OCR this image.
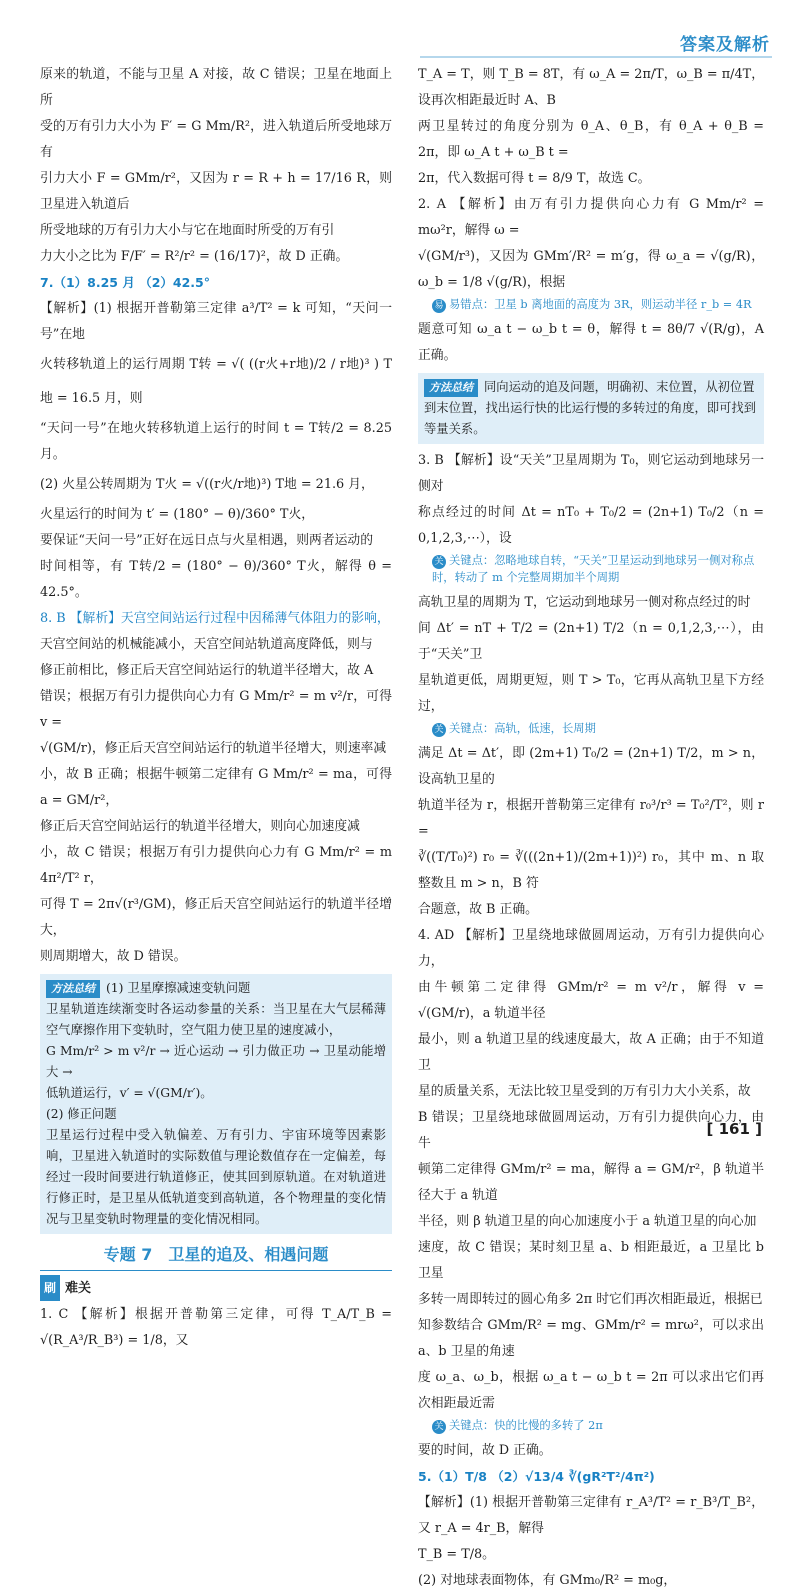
答案及解析

原来的轨道，不能与卫星 A 对接，故 C 错误；卫星在地面上所

受的万有引力大小为 F′ = G Mm/R²，进入轨道后所受地球万有

引力大小 F = GMm/r²，又因为 r = R + h = 17/16 R，则卫星进入轨道后

所受地球的万有引力大小与它在地面时所受的万有引

力大小之比为 F/F′ = R²/r² = (16/17)²，故 D 正确。

7.（1）8.25 月 （2）42.5°

【解析】(1) 根据开普勒第三定律 a³/T² = k 可知，“天问一号”在地

火转移轨道上的运行周期 T转 = √( ((r火+r地)/2 / r地)³ ) T地 = 16.5 月，则

“天问一号”在地火转移轨道上运行的时间 t = T转/2 = 8.25 月。

(2) 火星公转周期为 T火 = √((r火/r地)³) T地 = 21.6 月，

火星运行的时间为 t′ = (180° − θ)/360° T火，

要保证“天问一号”正好在远日点与火星相遇，则两者运动的

时间相等，有 T转/2 = (180° − θ)/360° T火，解得 θ = 42.5°。

8. B 【解析】天宫空间站运行过程中因稀薄气体阻力的影响，

天宫空间站的机械能减小，天宫空间站轨道高度降低，则与

修正前相比，修正后天宫空间站运行的轨道半径增大，故 A

错误；根据万有引力提供向心力有 G Mm/r² = m v²/r，可得 v =

√(GM/r)，修正后天宫空间站运行的轨道半径增大，则速率减

小，故 B 正确；根据牛顿第二定律有 G Mm/r² = ma，可得 a = GM/r²，

修正后天宫空间站运行的轨道半径增大，则向心加速度减

小，故 C 错误；根据万有引力提供向心力有 G Mm/r² = m 4π²/T² r，

可得 T = 2π√(r³/GM)，修正后天宫空间站运行的轨道半径增大，

则周期增大，故 D 错误。

方法总结 (1) 卫星摩擦减速变轨问题

卫星轨道连续渐变时各运动参量的关系：当卫星在大气层稀薄空气摩擦作用下变轨时，空气阻力使卫星的速度减小，

G Mm/r² > m v²/r → 近心运动 → 引力做正功 → 卫星动能增大 →

低轨道运行，v′ = √(GM/r′)。

(2) 修正问题

卫星运行过程中受入轨偏差、万有引力、宇宙环境等因素影响，卫星进入轨道时的实际数值与理论数值存在一定偏差，每经过一段时间要进行轨道修正，使其回到原轨道。在对轨道进行修正时，是卫星从低轨道变到高轨道，各个物理量的变化情况与卫星变轨时物理量的变化情况相同。

专题 7　卫星的追及、相遇问题
刷 难关

1. C 【解析】根据开普勒第三定律，可得 T_A/T_B = √(R_A³/R_B³) = 1/8，又

T_A = T，则 T_B = 8T，有 ω_A = 2π/T，ω_B = π/4T，设再次相距最近时 A、B

两卫星转过的角度分别为 θ_A、θ_B，有 θ_A + θ_B = 2π，即 ω_A t + ω_B t =

2π，代入数据可得 t = 8/9 T，故选 C。

2. A 【解析】由万有引力提供向心力有 G Mm/r² = mω²r，解得 ω =

√(GM/r³)，又因为 GMm′/R² = m′g，得 ω_a = √(g/R)，ω_b = 1/8 √(g/R)，根据

易 易错点：卫星 b 离地面的高度为 3R，则运动半径 r_b = 4R

题意可知 ω_a t − ω_b t = θ，解得 t = 8θ/7 √(R/g)，A 正确。

方法总结 同向运动的追及问题，明确初、末位置，从初位置到末位置，找出运行快的比运行慢的多转过的角度，即可找到等量关系。

3. B 【解析】设“天关”卫星周期为 T₀，则它运动到地球另一侧对

称点经过的时间 Δt = nT₀ + T₀/2 = (2n+1) T₀/2（n = 0,1,2,3,⋯），设

关 关键点：忽略地球自转，“天关”卫星运动到地球另一侧对称点时，转动了 m 个完整周期加半个周期

高轨卫星的周期为 T，它运动到地球另一侧对称点经过的时

间 Δt′ = nT + T/2 = (2n+1) T/2（n = 0,1,2,3,⋯），由于“天关”卫

星轨道更低，周期更短，则 T > T₀，它再从高轨卫星下方经过，

关 关键点：高轨，低速，长周期

满足 Δt = Δt′，即 (2m+1) T₀/2 = (2n+1) T/2，m > n，设高轨卫星的

轨道半径为 r，根据开普勒第三定律有 r₀³/r³ = T₀²/T²，则 r =

∛((T/T₀)²) r₀ = ∛(((2n+1)/(2m+1))²) r₀，其中 m、n 取整数且 m > n，B 符

合题意，故 B 正确。

4. AD 【解析】卫星绕地球做圆周运动，万有引力提供向心力，

由牛顿第二定律得 GMm/r² = m v²/r，解得 v = √(GM/r)，a 轨道半径

最小，则 a 轨道卫星的线速度最大，故 A 正确；由于不知道卫

星的质量关系，无法比较卫星受到的万有引力大小关系，故

B 错误；卫星绕地球做圆周运动，万有引力提供向心力，由牛

顿第二定律得 GMm/r² = ma，解得 a = GM/r²，β 轨道半径大于 a 轨道

半径，则 β 轨道卫星的向心加速度小于 a 轨道卫星的向心加

速度，故 C 错误；某时刻卫星 a、b 相距最近，a 卫星比 b 卫星

多转一周即转过的圆心角多 2π 时它们再次相距最近，根据已

知参数结合 GMm/R² = mg、GMm/r² = mrω²，可以求出 a、b 卫星的角速

度 ω_a、ω_b，根据 ω_a t − ω_b t = 2π 可以求出它们再次相距最近需

关 关键点：快的比慢的多转了 2π

要的时间，故 D 正确。

5.（1）T/8 （2）√13/4 ∛(gR²T²/4π²)

【解析】(1) 根据开普勒第三定律有 r_A³/T² = r_B³/T_B²，又 r_A = 4r_B，解得

T_B = T/8。

(2) 对地球表面物体，有 GMm₀/R² = m₀g，

[ 161 ]
